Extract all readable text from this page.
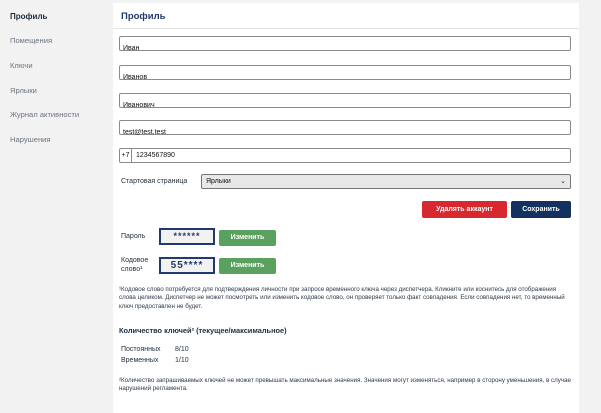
Профиль
Помещения
Ключи
Ярлыки
Журнал активности
Нарушения
Профиль
Иван
Иванов
Иванович
test@test.test
+7
1234567890
Стартовая страница	Ярлыки	⌄
Удалять аккаунт	Сохранить
Пароль	******	Изменить
Кодовое
слово¹	55****	Изменить
¹Кодовое слово потребуется для подтверждения личности при запросе временного ключа через диспетчера. Кликните или коснитесь для отображения слова целиком. Диспетчер не может посмотреть или изменить кодовое слово, он проверяет только факт совпадения. Если совпадения нет, то временный ключ предоставлен не будет.
Количество ключей² (текущее/максимальное)
Постоянных 8/10
Временных 1/10
²Количество запрашиваемых ключей не может превышать максимальные значения. Значения могут изменяться, например в сторону уменьшения, в случае нарушений регламента.
